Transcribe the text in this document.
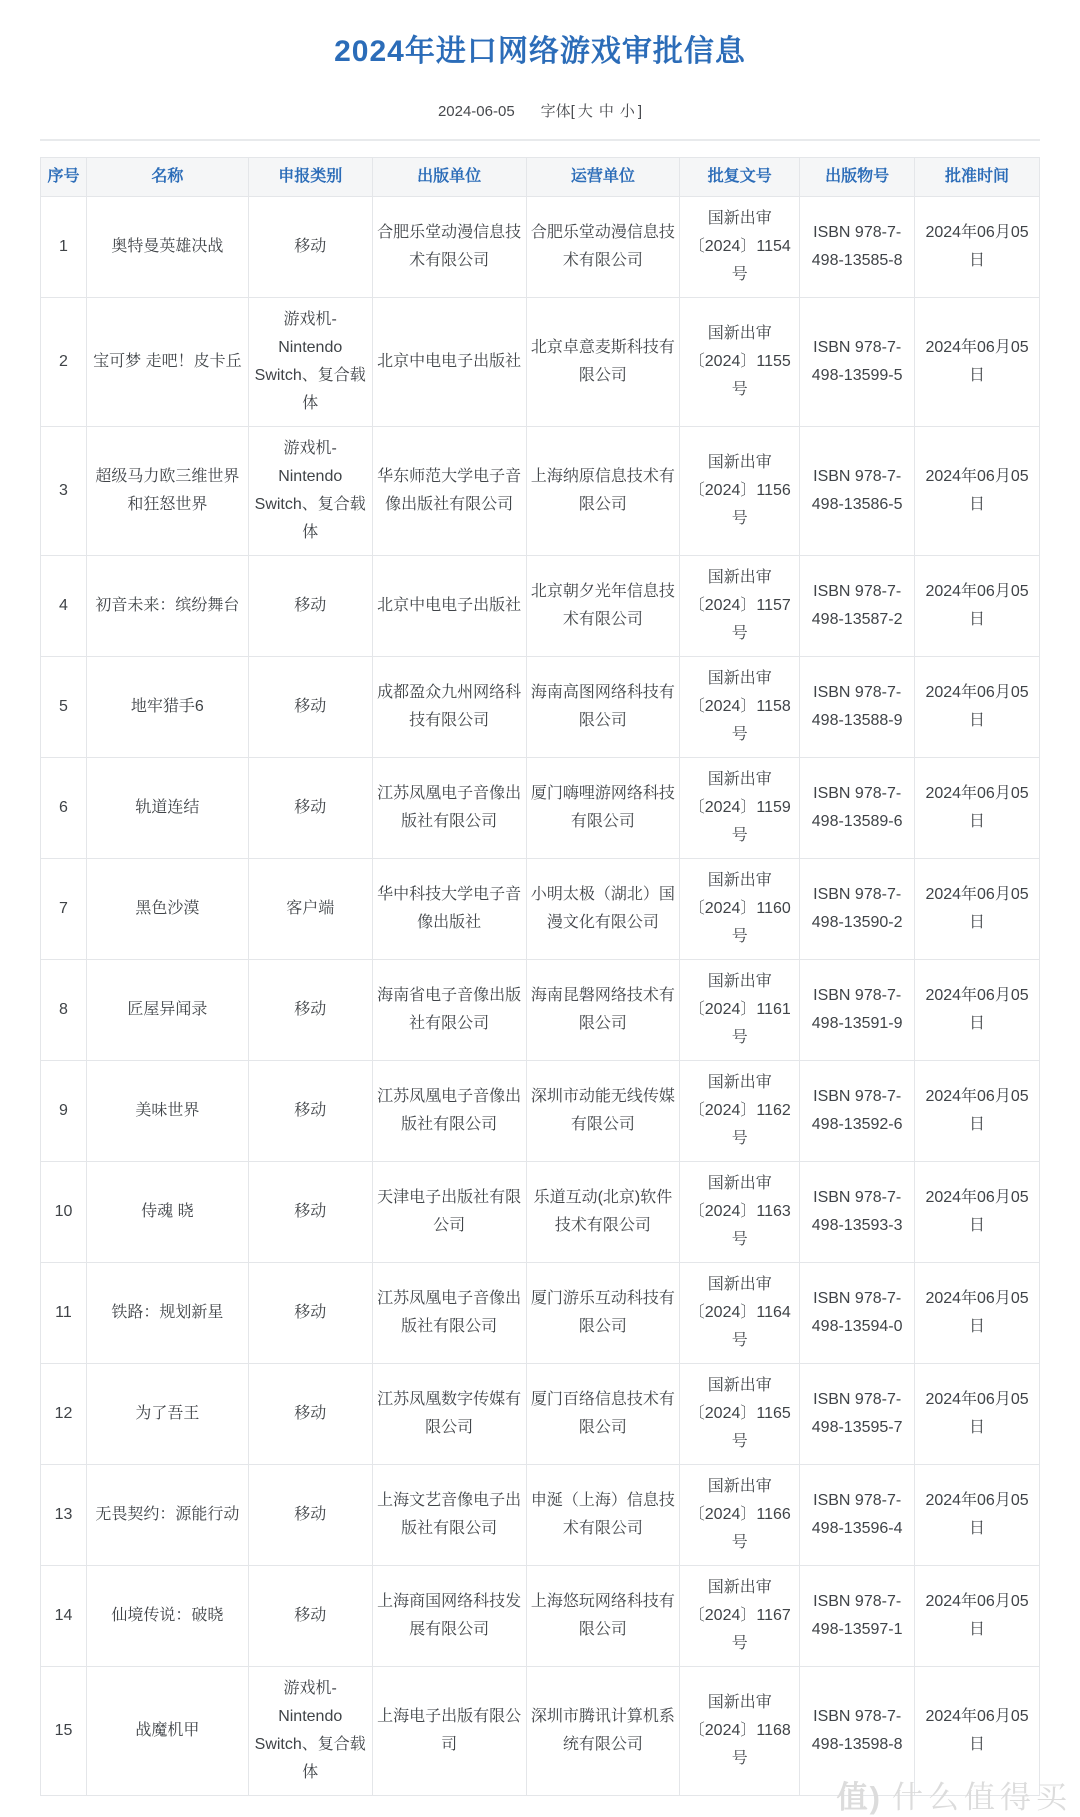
2024年进口网络游戏审批信息
2024-06-05 字体[ 大 中 小 ]
序号	名称	申报类别	出版单位	运营单位	批复文号	出版物号	批准时间
1	奥特曼英雄决战	移动	合肥乐堂动漫信息技术有限公司	合肥乐堂动漫信息技术有限公司	国新出审〔2024〕1154号	ISBN 978-7-498-13585-8	2024年06月05日
2	宝可梦 走吧！皮卡丘	游戏机-Nintendo Switch、复合载体	北京中电电子出版社	北京卓意麦斯科技有限公司	国新出审〔2024〕1155号	ISBN 978-7-498-13599-5	2024年06月05日
3	超级马力欧三维世界和狂怒世界	游戏机-Nintendo Switch、复合载体	华东师范大学电子音像出版社有限公司	上海纳原信息技术有限公司	国新出审〔2024〕1156号	ISBN 978-7-498-13586-5	2024年06月05日
4	初音未来：缤纷舞台	移动	北京中电电子出版社	北京朝夕光年信息技术有限公司	国新出审〔2024〕1157号	ISBN 978-7-498-13587-2	2024年06月05日
5	地牢猎手6	移动	成都盈众九州网络科技有限公司	海南高图网络科技有限公司	国新出审〔2024〕1158号	ISBN 978-7-498-13588-9	2024年06月05日
6	轨道连结	移动	江苏凤凰电子音像出版社有限公司	厦门嗨哩游网络科技有限公司	国新出审〔2024〕1159号	ISBN 978-7-498-13589-6	2024年06月05日
7	黑色沙漠	客户端	华中科技大学电子音像出版社	小明太极（湖北）国漫文化有限公司	国新出审〔2024〕1160号	ISBN 978-7-498-13590-2	2024年06月05日
8	匠屋异闻录	移动	海南省电子音像出版社有限公司	海南昆磐网络技术有限公司	国新出审〔2024〕1161号	ISBN 978-7-498-13591-9	2024年06月05日
9	美味世界	移动	江苏凤凰电子音像出版社有限公司	深圳市动能无线传媒有限公司	国新出审〔2024〕1162号	ISBN 978-7-498-13592-6	2024年06月05日
10	侍魂 晓	移动	天津电子出版社有限公司	乐道互动(北京)软件技术有限公司	国新出审〔2024〕1163号	ISBN 978-7-498-13593-3	2024年06月05日
11	铁路：规划新星	移动	江苏凤凰电子音像出版社有限公司	厦门游乐互动科技有限公司	国新出审〔2024〕1164号	ISBN 978-7-498-13594-0	2024年06月05日
12	为了吾王	移动	江苏凤凰数字传媒有限公司	厦门百络信息技术有限公司	国新出审〔2024〕1165号	ISBN 978-7-498-13595-7	2024年06月05日
13	无畏契约：源能行动	移动	上海文艺音像电子出版社有限公司	申涎（上海）信息技术有限公司	国新出审〔2024〕1166号	ISBN 978-7-498-13596-4	2024年06月05日
14	仙境传说：破晓	移动	上海商国网络科技发展有限公司	上海悠玩网络科技有限公司	国新出审〔2024〕1167号	ISBN 978-7-498-13597-1	2024年06月05日
15	战魔机甲	游戏机-Nintendo Switch、复合载体	上海电子出版有限公司	深圳市腾讯计算机系统有限公司	国新出审〔2024〕1168号	ISBN 978-7-498-13598-8	2024年06月05日
值) 什么值得买
